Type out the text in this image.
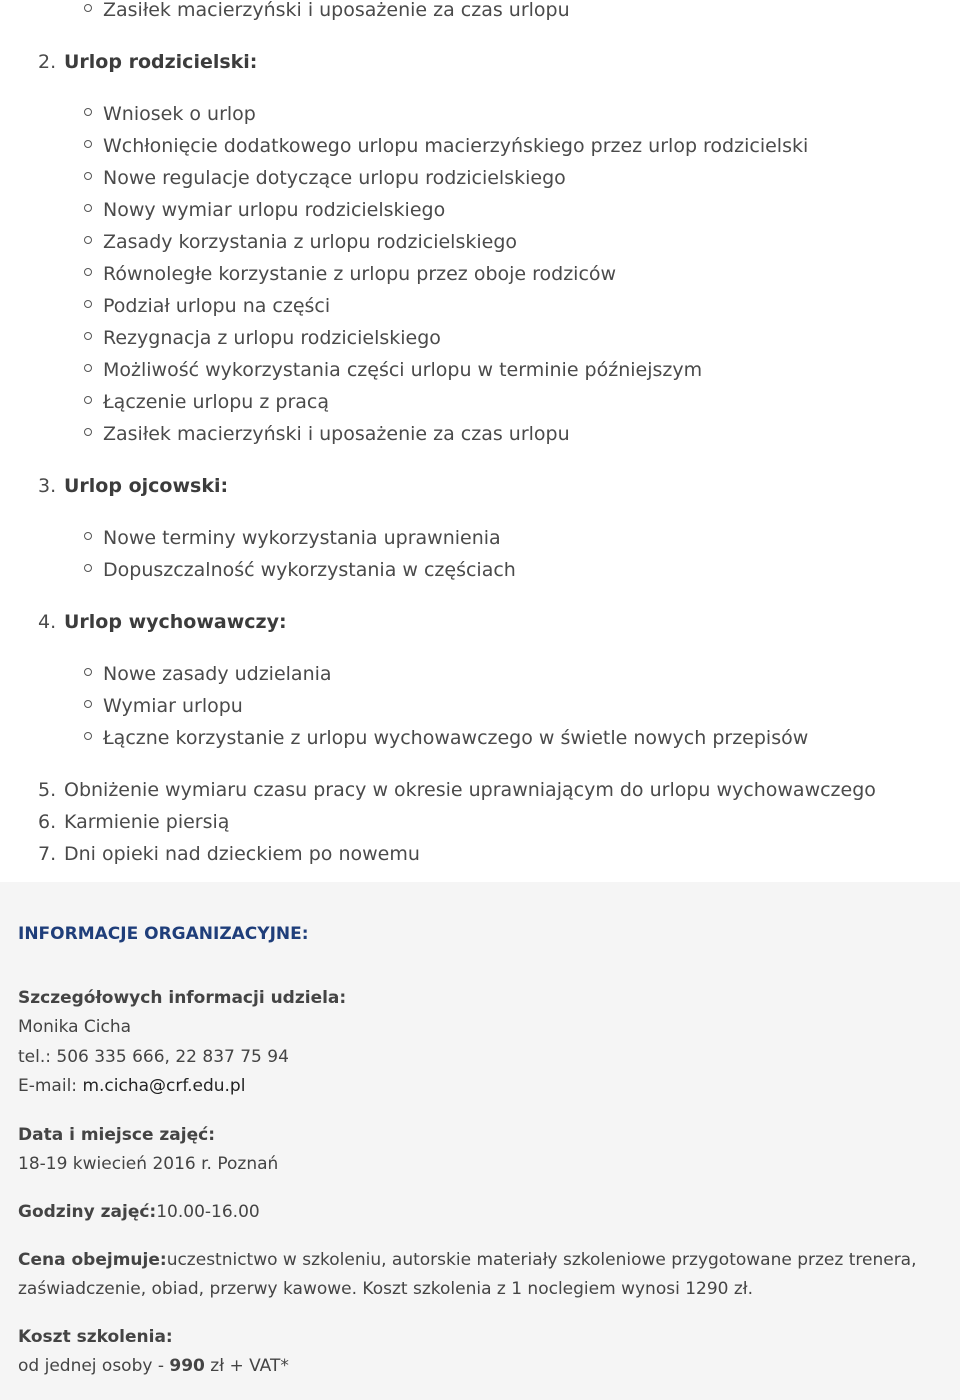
Zasiłek macierzyński i uposażenie za czas urlopu
2. Urlop rodzicielski:
Wniosek o urlop
Wchłonięcie dodatkowego urlopu macierzyńskiego przez urlop rodzicielski
Nowe regulacje dotyczące urlopu rodzicielskiego
Nowy wymiar urlopu rodzicielskiego
Zasady korzystania z urlopu rodzicielskiego
Równoległe korzystanie z urlopu przez oboje rodziców
Podział urlopu na części
Rezygnacja z urlopu rodzicielskiego
Możliwość wykorzystania części urlopu w terminie późniejszym
Łączenie urlopu z pracą
Zasiłek macierzyński i uposażenie za czas urlopu
3. Urlop ojcowski:
Nowe terminy wykorzystania uprawnienia
Dopuszczalność wykorzystania w częściach
4. Urlop wychowawczy:
Nowe zasady udzielania
Wymiar urlopu
Łączne korzystanie z urlopu wychowawczego w świetle nowych przepisów
5. Obniżenie wymiaru czasu pracy w okresie uprawniającym do urlopu wychowawczego
6. Karmienie piersią
7. Dni opieki nad dzieckiem po nowemu
INFORMACJE ORGANIZACYJNE:
Szczegółowych informacji udziela:
Monika Cicha
tel.: 506 335 666, 22 837 75 94
E-mail: m.cicha@crf.edu.pl
Data i miejsce zajęć:
18-19 kwiecień 2016 r. Poznań
Godziny zajęć:10.00-16.00
Cena obejmuje:uczestnictwo w szkoleniu, autorskie materiały szkoleniowe przygotowane przez trenera,
zaświadczenie, obiad, przerwy kawowe. Koszt szkolenia z 1 noclegiem wynosi 1290 zł.
Koszt szkolenia:
od jednej osoby - 990 zł + VAT*
